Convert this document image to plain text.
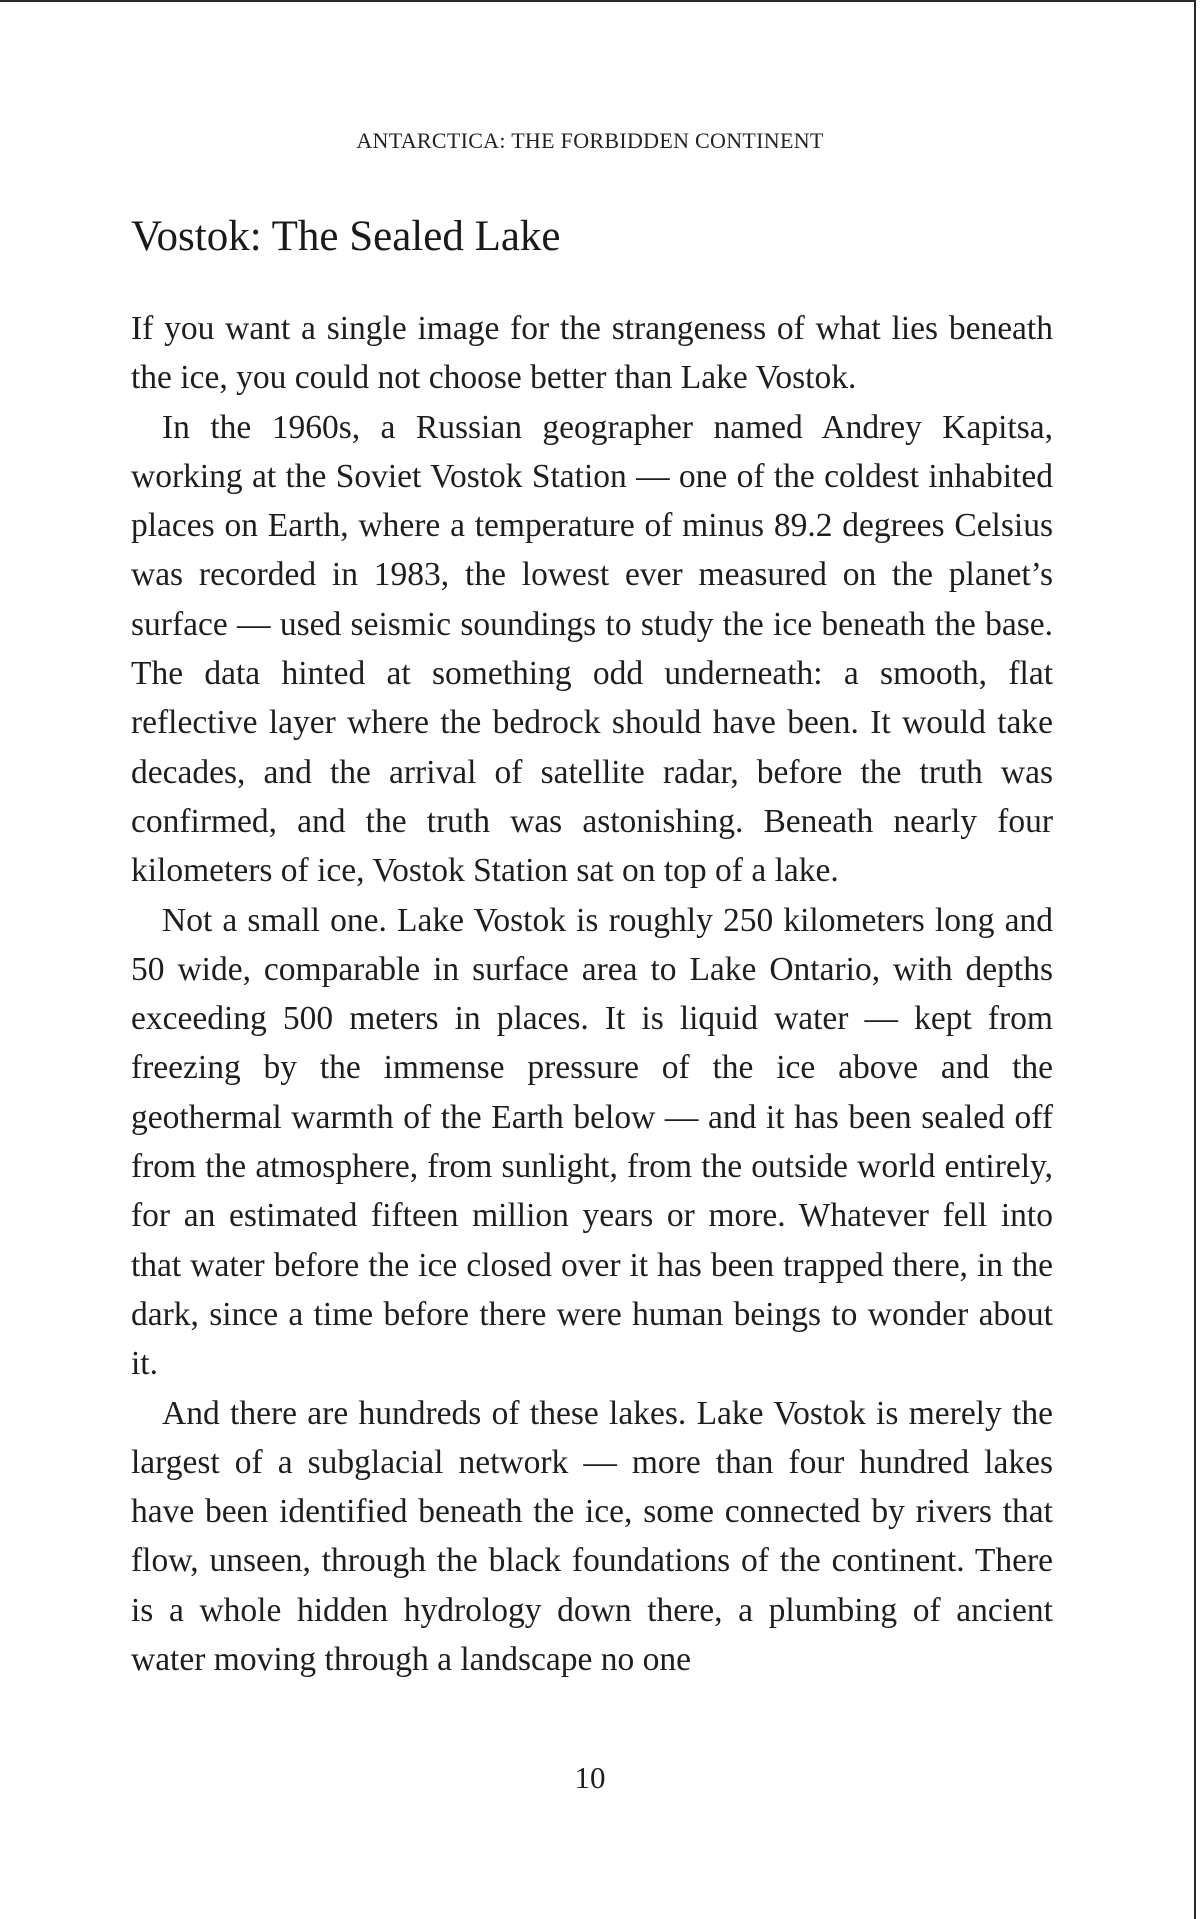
ANTARCTICA: THE FORBIDDEN CONTINENT
Vostok: The Sealed Lake

If you want a single image for the strangeness of what lies beneath the ice, you could not choose better than Lake Vostok.

In the 1960s, a Russian geographer named Andrey Kapitsa, working at the Soviet Vostok Station — one of the coldest inhabited places on Earth, where a temperature of minus 89.2 degrees Celsius was recorded in 1983, the lowest ever measured on the planet’s surface — used seismic soundings to study the ice beneath the base. The data hinted at something odd underneath: a smooth, flat reflective layer where the bedrock should have been. It would take decades, and the arrival of satellite radar, before the truth was confirmed, and the truth was astonishing. Beneath nearly four kilometers of ice, Vostok Station sat on top of a lake.

Not a small one. Lake Vostok is roughly 250 kilometers long and 50 wide, comparable in surface area to Lake Ontario, with depths exceeding 500 meters in places. It is liquid water — kept from freezing by the immense pressure of the ice above and the geothermal warmth of the Earth below — and it has been sealed off from the atmosphere, from sunlight, from the outside world entirely, for an estimated fifteen million years or more. Whatever fell into that water before the ice closed over it has been trapped there, in the dark, since a time before there were human beings to wonder about it.

And there are hundreds of these lakes. Lake Vostok is merely the largest of a subglacial network — more than four hundred lakes have been identified beneath the ice, some connected by rivers that flow, unseen, through the black foundations of the continent. There is a whole hidden hydrology down there, a plumbing of ancient water moving through a landscape no one

10
